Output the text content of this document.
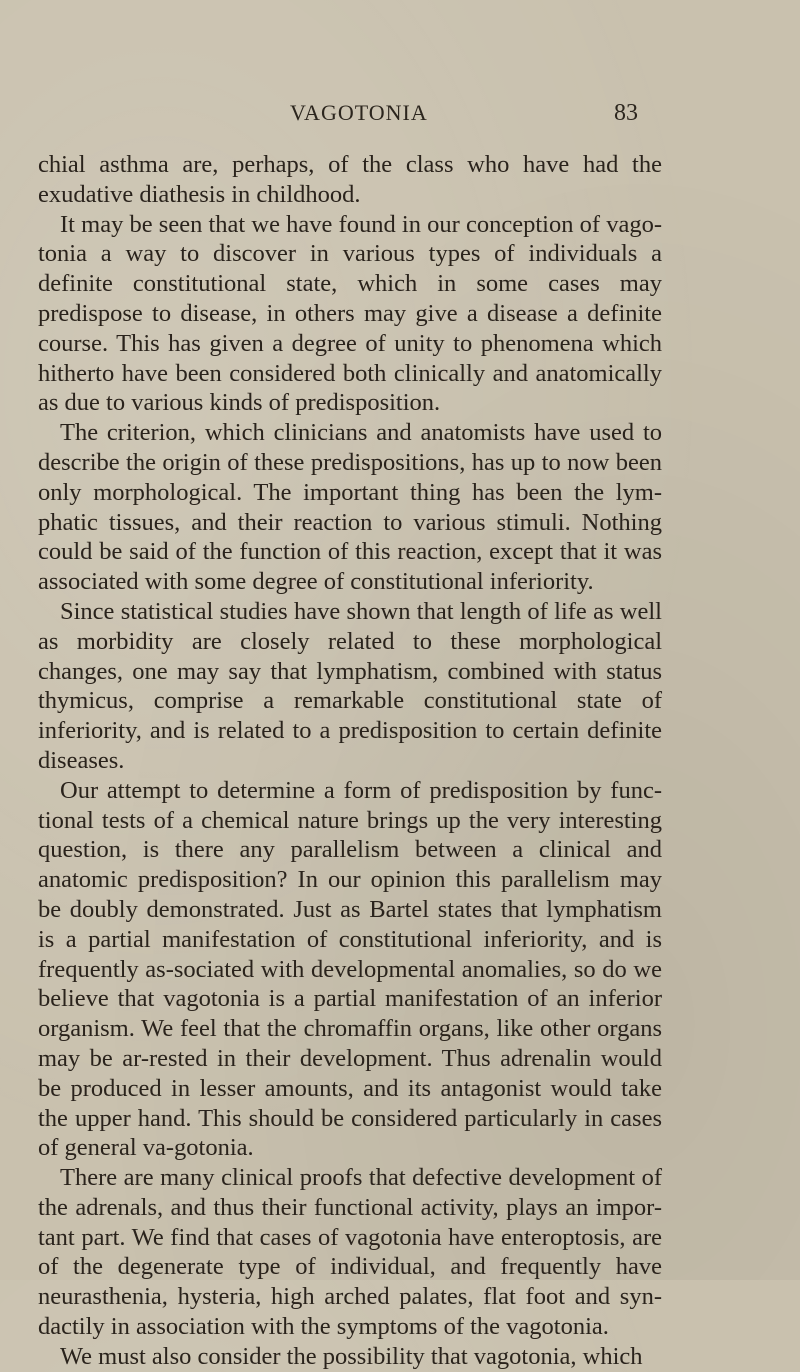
VAGOTONIA	83

chial asthma are, perhaps, of the class who have had the exudative diathesis in childhood.

It may be seen that we have found in our conception of vago-tonia a way to discover in various types of individuals a definite constitutional state, which in some cases may predispose to disease, in others may give a disease a definite course. This has given a degree of unity to phenomena which hitherto have been considered both clinically and anatomically as due to various kinds of predisposition.

The criterion, which clinicians and anatomists have used to describe the origin of these predispositions, has up to now been only morphological. The important thing has been the lym-phatic tissues, and their reaction to various stimuli. Nothing could be said of the function of this reaction, except that it was associated with some degree of constitutional inferiority.

Since statistical studies have shown that length of life as well as morbidity are closely related to these morphological changes, one may say that lymphatism, combined with status thymicus, comprise a remarkable constitutional state of inferiority, and is related to a predisposition to certain definite diseases.

Our attempt to determine a form of predisposition by func-tional tests of a chemical nature brings up the very interesting question, is there any parallelism between a clinical and anatomic predisposition? In our opinion this parallelism may be doubly demonstrated. Just as Bartel states that lymphatism is a partial manifestation of constitutional inferiority, and is frequently as-sociated with developmental anomalies, so do we believe that vagotonia is a partial manifestation of an inferior organism. We feel that the chromaffin organs, like other organs may be ar-rested in their development. Thus adrenalin would be produced in lesser amounts, and its antagonist would take the upper hand. This should be considered particularly in cases of general va-gotonia.

There are many clinical proofs that defective development of the adrenals, and thus their functional activity, plays an impor-tant part. We find that cases of vagotonia have enteroptosis, are of the degenerate type of individual, and frequently have neurasthenia, hysteria, high arched palates, flat foot and syn-dactily in association with the symptoms of the vagotonia.

We must also consider the possibility that vagotonia, which
